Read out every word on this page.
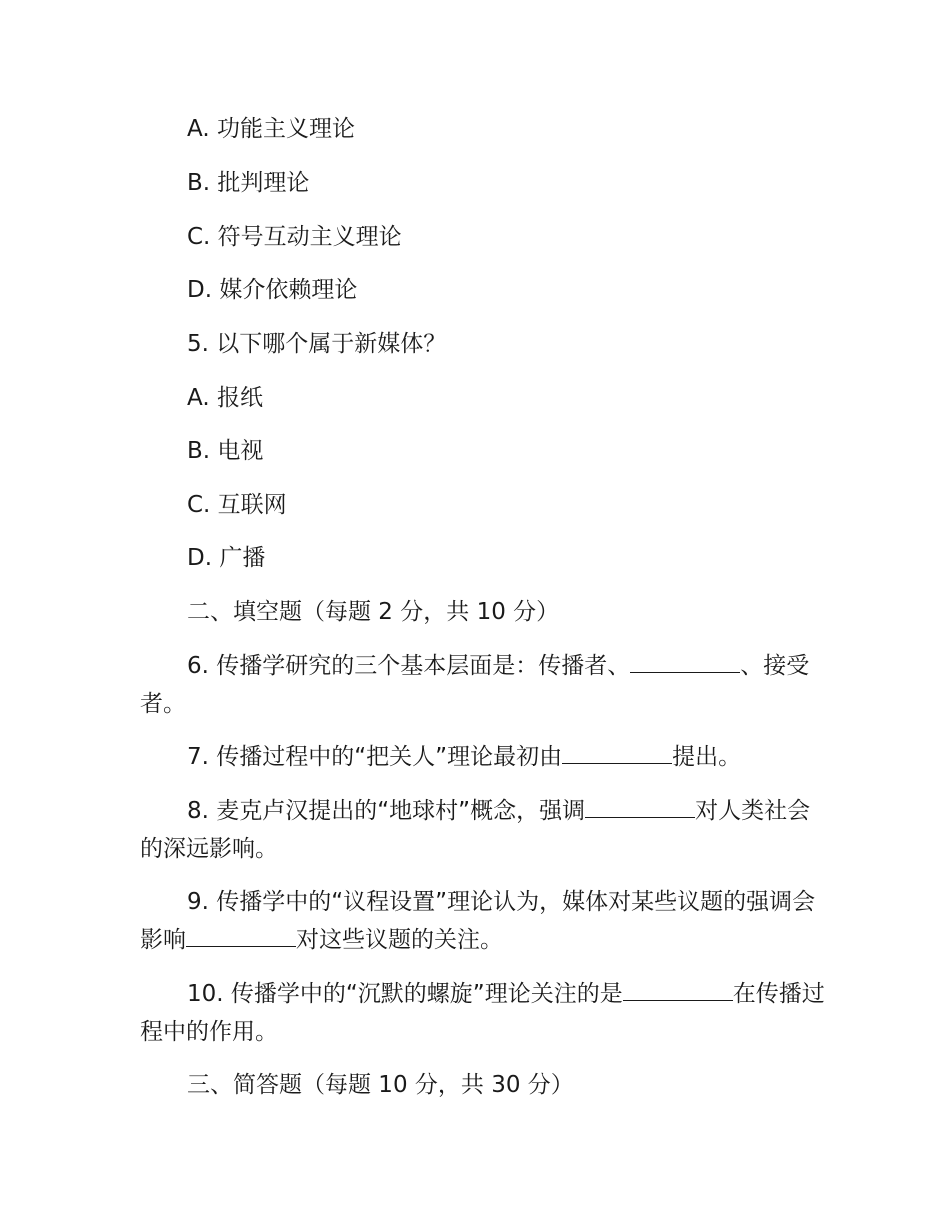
A. 功能主义理论
B. 批判理论
C. 符号互动主义理论
D. 媒介依赖理论
5. 以下哪个属于新媒体？
A. 报纸
B. 电视
C. 互联网
D. 广播
二、填空题（每题 2 分，共 10 分）
6. 传播学研究的三个基本层面是：传播者、	、接受者。
7. 传播过程中的“把关人”理论最初由	提出。
8. 麦克卢汉提出的“地球村”概念，强调	对人类社会的深远影响。
9. 传播学中的“议程设置”理论认为，媒体对某些议题的强调会影响	对这些议题的关注。
10. 传播学中的“沉默的螺旋”理论关注的是	在传播过程中的作用。
三、简答题（每题 10 分，共 30 分）
